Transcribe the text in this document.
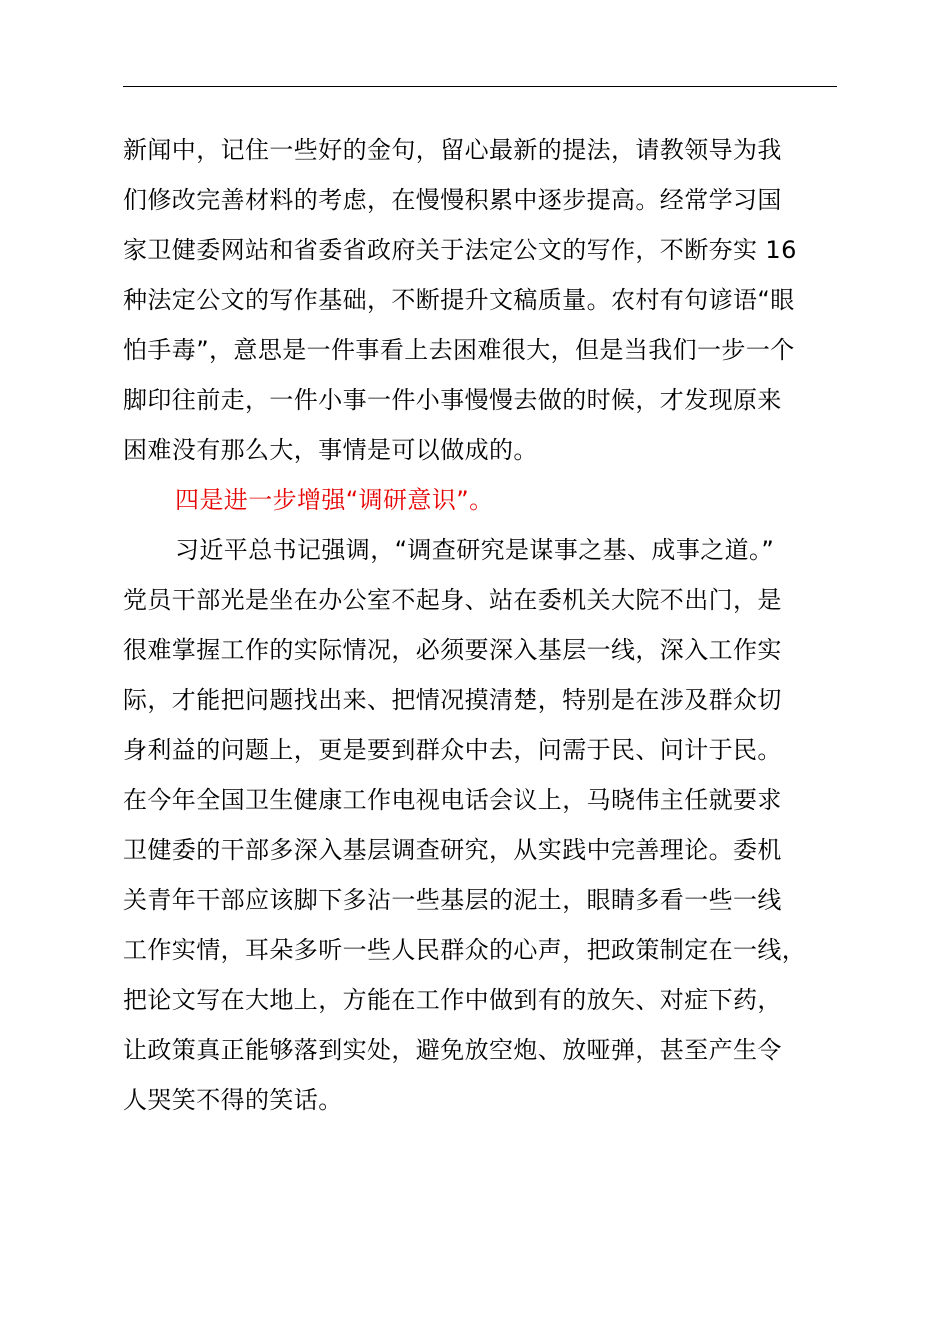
新闻中，记住一些好的金句，留心最新的提法，请教领导为我
们修改完善材料的考虑，在慢慢积累中逐步提高。经常学习国
家卫健委网站和省委省政府关于法定公文的写作，不断夯实 16
种法定公文的写作基础，不断提升文稿质量。农村有句谚语“眼
怕手毒”，意思是一件事看上去困难很大，但是当我们一步一个
脚印往前走，一件小事一件小事慢慢去做的时候，才发现原来
困难没有那么大，事情是可以做成的。
四是进一步增强“调研意识”。
习近平总书记强调，“调查研究是谋事之基、成事之道。”
党员干部光是坐在办公室不起身、站在委机关大院不出门，是
很难掌握工作的实际情况，必须要深入基层一线，深入工作实
际，才能把问题找出来、把情况摸清楚，特别是在涉及群众切
身利益的问题上，更是要到群众中去，问需于民、问计于民。
在今年全国卫生健康工作电视电话会议上，马晓伟主任就要求
卫健委的干部多深入基层调查研究，从实践中完善理论。委机
关青年干部应该脚下多沾一些基层的泥土，眼睛多看一些一线
工作实情，耳朵多听一些人民群众的心声，把政策制定在一线，
把论文写在大地上，方能在工作中做到有的放矢、对症下药，
让政策真正能够落到实处，避免放空炮、放哑弹，甚至产生令
人哭笑不得的笑话。
